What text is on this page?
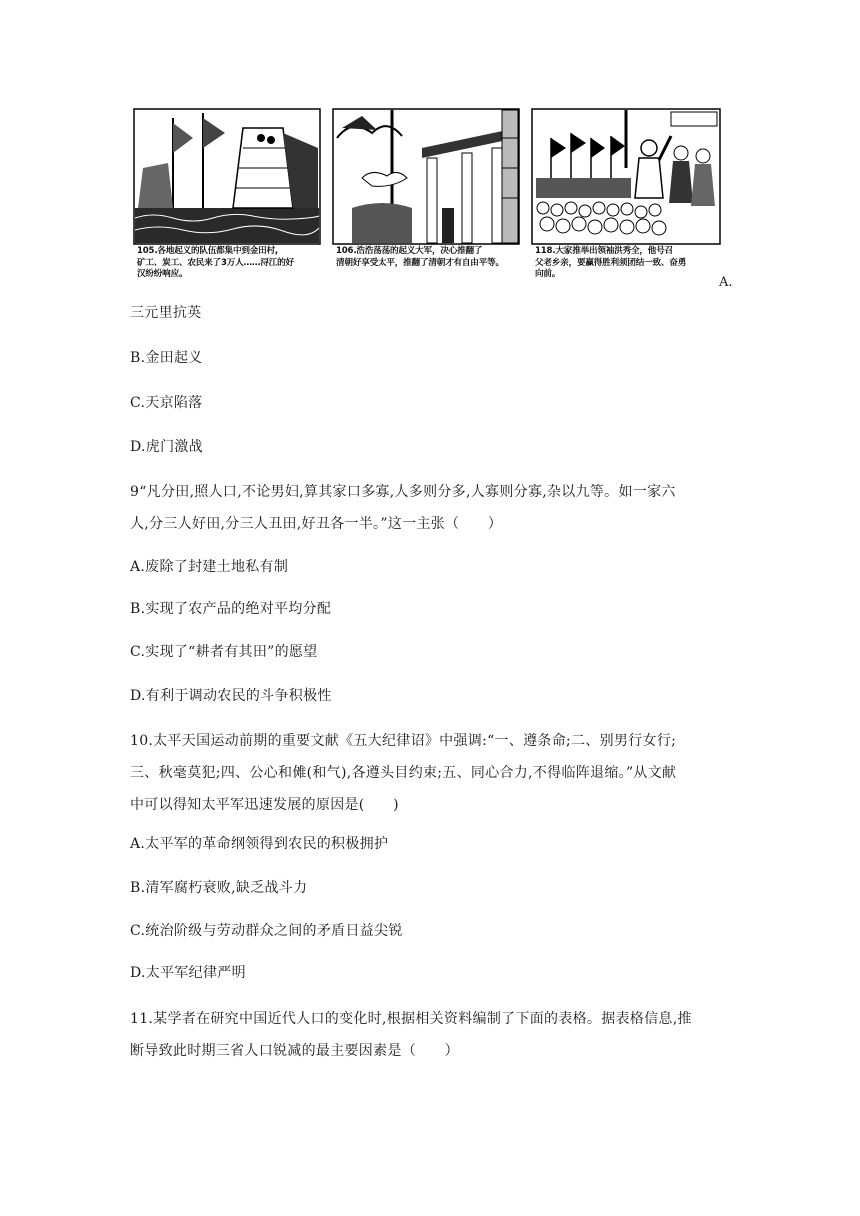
105.各地起义的队伍都集中到金田村,
矿工、炭工、农民来了3万人……浔江的好
汉纷纷响应。
106.浩浩荡荡的起义大军，决心推翻了
清朝好享受太平，推翻了清朝才有自由平等。
118.大家推举出领袖洪秀全，他号召
父老乡亲，要赢得胜利须团结一致、奋勇
向前。
A.
三元里抗英
B.金田起义
C.天京陷落
D.虎门激战
9“凡分田,照人口,不论男妇,算其家口多寡,人多则分多,人寡则分寡,杂以九等。如一家六
人,分三人好田,分三人丑田,好丑各一半。”这一主张（　　）
A.废除了封建土地私有制
B.实现了农产品的绝对平均分配
C.实现了“耕者有其田”的愿望
D.有利于调动农民的斗争积极性
10.太平天国运动前期的重要文献《五大纪律诏》中强调:“一、遵条命;二、别男行女行;
三、秋毫莫犯;四、公心和傩(和气),各遵头目约束;五、同心合力,不得临阵退缩。”从文献
中可以得知太平军迅速发展的原因是(　　)
A.太平军的革命纲领得到农民的积极拥护
B.清军腐朽衰败,缺乏战斗力
C.统治阶级与劳动群众之间的矛盾日益尖锐
D.太平军纪律严明
11.某学者在研究中国近代人口的变化时,根据相关资料编制了下面的表格。据表格信息,推
断导致此时期三省人口锐减的最主要因素是（　　）
